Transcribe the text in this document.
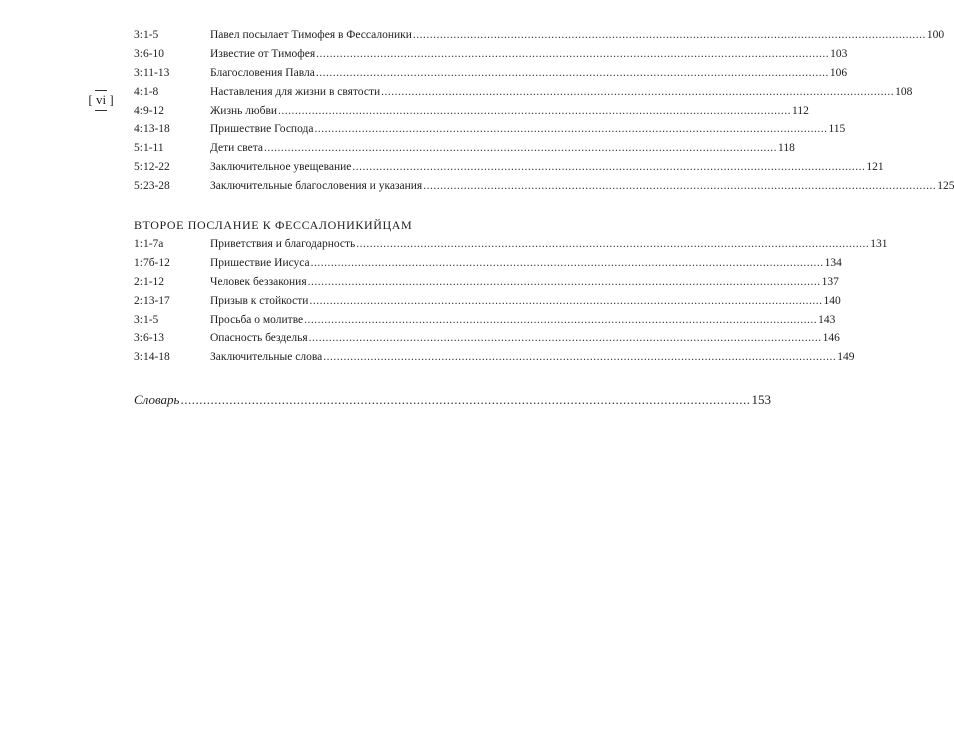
[ vi ]
3:1-5	Павел посылает Тимофея в Фессалоники .....	100
3:6-10	Известие от Тимофея .....	103
3:11-13	Благословения Павла .....	106
4:1-8	Наставления для жизни в святости .....	108
4:9-12	Жизнь любви .....	112
4:13-18	Пришествие Господа .....	115
5:1-11	Дети света .....	118
5:12-22	Заключительное увещевание .....	121
5:23-28	Заключительные благословения и указания .....	125
ВТОРОЕ ПОСЛАНИЕ К ФЕССАЛОНИКИЙЦАМ
1:1-7а	Приветствия и благодарность .....	131
1:7б-12	Пришествие Иисуса .....	134
2:1-12	Человек беззакония .....	137
2:13-17	Призыв к стойкости .....	140
3:1-5	Просьба о молитве .....	143
3:6-13	Опасность безделья .....	146
3:14-18	Заключительные слова .....	149
Словарь .....	153
